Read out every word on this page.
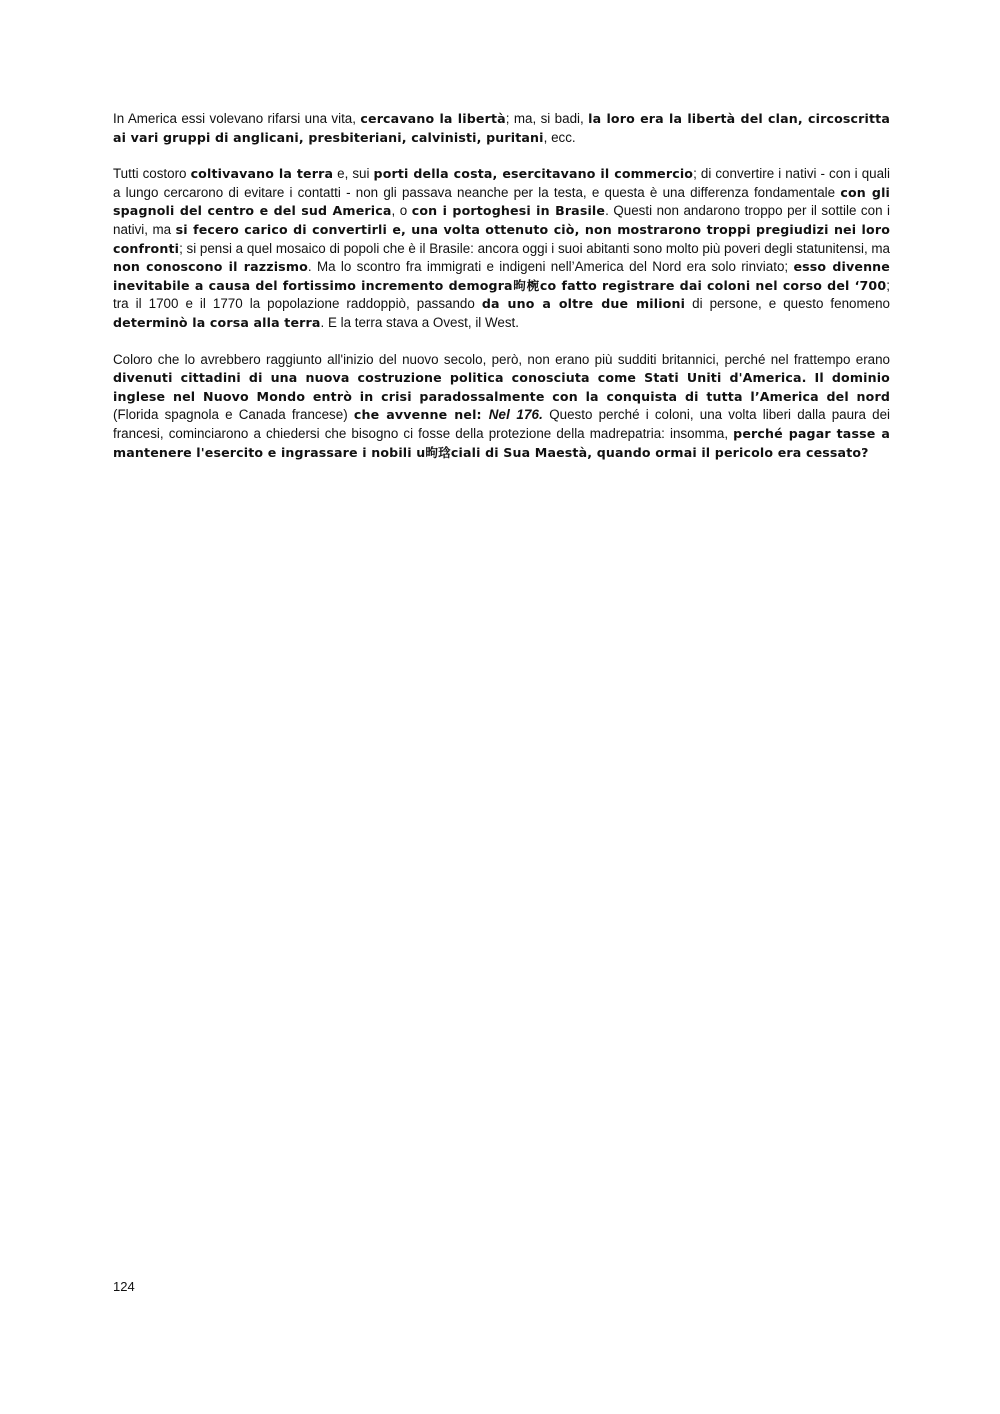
In America essi volevano rifarsi una vita, cercavano la libertà; ma, si badi, la loro era la libertà del clan, circoscritta ai vari gruppi di anglicani, presbiteriani, calvinisti, puritani, ecc.

Tutti costoro coltivavano la terra e, sui porti della costa, esercitavano il commercio; di convertire i nativi - con i quali a lungo cercarono di evitare i contatti - non gli passava neanche per la testa, e questa è una differenza fondamentale con gli spagnoli del centro e del sud America, o con i portoghesi in Brasile. Questi non andarono troppo per il sottile con i nativi, ma si fecero carico di convertirli e, una volta ottenuto ciò, non mostrarono troppi pregiudizi nei loro confronti; si pensi a quel mosaico di popoli che è il Brasile: ancora oggi i suoi abitanti sono molto più poveri degli statunitensi, ma non conoscono il razzismo. Ma lo scontro fra immigrati e indigeni nell’America del Nord era solo rinviato; esso divenne inevitabile a causa del fortissimo incremento demogra昫椀co fatto registrare dai coloni nel corso del ‘700; tra il 1700 e il 1770 la popolazione raddoppiò, passando da uno a oltre due milioni di persone, e questo fenomeno determinò la corsa alla terra. E la terra stava a Ovest, il West.

Coloro che lo avrebbero raggiunto all'inizio del nuovo secolo, però, non erano più sudditi britannici, perché nel frattempo erano divenuti cittadini di una nuova costruzione politica conosciuta come Stati Uniti d'America. Il dominio inglese nel Nuovo Mondo entrò in crisi paradossalmente con la conquista di tutta l’America del nord (Florida spagnola e Canada francese) che avvenne nel: Nel 176. Questo perché i coloni, una volta liberi dalla paura dei francesi, cominciarono a chiedersi che bisogno ci fosse della protezione della madrepatria: insomma, perché pagar tasse a mantenere l'esercito e ingrassare i nobili u昫琀ciali di Sua Maestà, quando ormai il pericolo era cessato?

124
